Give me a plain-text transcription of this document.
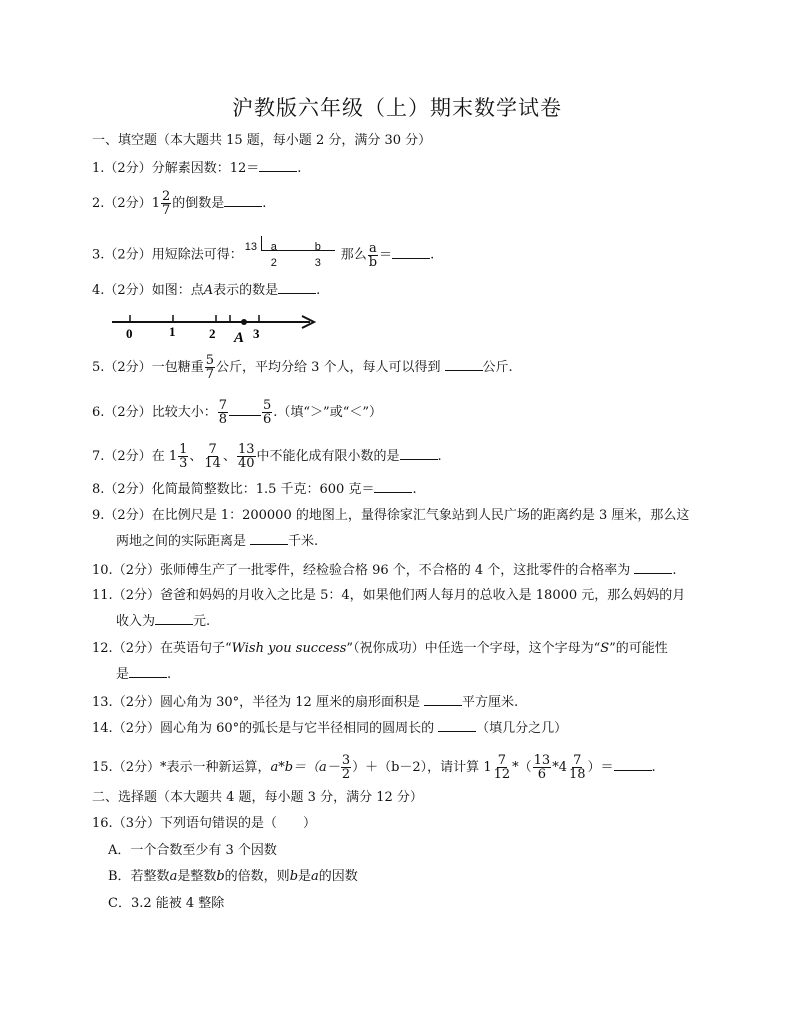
沪教版六年级（上）期末数学试卷
一、填空题（本大题共 15 题，每小题 2 分，满分 30 分）
1.（2分）分解素因数：12＝	.
2.（2分）$1 \frac{2}{7}$ 的倒数是	.
3.（2分）用短除法可得：
13 a	b
2	3
那么 $\frac{a}{b}$ ＝	.
4.（2分）如图：点A表示的数是	.
0	1	2	3
A
5.（2分）一包糖重 $\frac{5}{7}$ 公斤，平均分给 3 个人，每人可以得到	公斤.
6.（2分）比较大小： $\frac{7}{8}$	$\frac{5}{6}$ .（填“＞”或“＜”）
7.（2分）在 $1 \frac{1}{3}$ 、 $\frac{7}{14}$ 、 $\frac{13}{40}$ 中不能化成有限小数的是	.
8.（2分）化简最简整数比：1.5 千克：600 克＝	.
9.（2分）在比例尺是 1：200000 的地图上，量得徐家汇气象站到人民广场的距离约是 3 厘米，那么这
两地之间的实际距离是	千米.
10.（2分）张师傅生产了一批零件，经检验合格 96 个，不合格的 4 个，这批零件的合格率为	.
11.（2分）爸爸和妈妈的月收入之比是 5：4，如果他们两人每月的总收入是 18000 元，那么妈妈的月
收入为	元.
12.（2分）在英语句子“Wish you success”（祝你成功）中任选一个字母，这个字母为“S”的可能性
是	.
13.（2分）圆心角为 30°，半径为 12 厘米的扇形面积是	平方厘米.
14.（2分）圆心角为 60°的弧长是与它半径相同的圆周长的	（填几分之几）
15.（2分）*表示一种新运算，$a*b=(a- \frac{3}{2} )+(b-2)$，请计算 $1 \frac{7}{12}$ *（ $\frac{13}{6} *4 \frac{7}{18}$ ）＝	.
二、选择题（本大题共 4 题，每小题 3 分，满分 12 分）
16.（3分）下列语句错误的是（　　）
A．一个合数至少有 3 个因数
B．若整数a是整数b的倍数，则b是a的因数
C．3.2 能被 4 整除
